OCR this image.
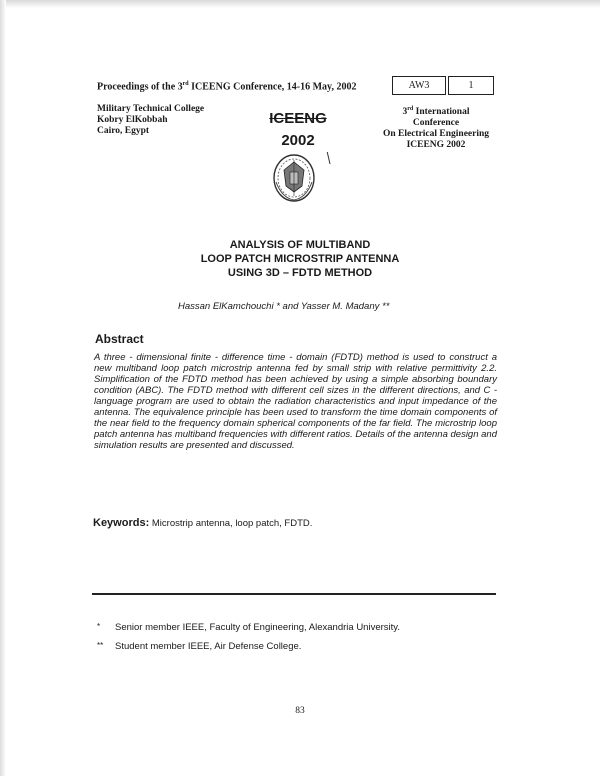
Proceedings of the 3rd ICEENG Conference, 14-16 May, 2002	AW3	1
Military Technical College
Kobry ElKobbah
Cairo, Egypt
ICEENG
2002
3rd International Conference
On Electrical Engineering
ICEENG 2002
ANALYSIS OF MULTIBAND
LOOP PATCH MICROSTRIP ANTENNA
USING 3D – FDTD METHOD
Hassan ElKamchouchi * and Yasser M. Madany **
Abstract
A three - dimensional finite - difference time - domain (FDTD) method is used to construct a new multiband loop patch microstrip antenna fed by small strip with relative permittivity 2.2. Simplification of the FDTD method has been achieved by using a simple absorbing boundary condition (ABC). The FDTD method with different cell sizes in the different directions, and C - language program are used to obtain the radiation characteristics and input impedance of the antenna. The equivalence principle has been used to transform the time domain components of the near field to the frequency domain spherical components of the far field. The microstrip loop patch antenna has multiband frequencies with different ratios. Details of the antenna design and simulation results are presented and discussed.
Keywords: Microstrip antenna, loop patch, FDTD.
* Senior member IEEE, Faculty of Engineering, Alexandria University.
** Student member IEEE, Air Defense College.
83
